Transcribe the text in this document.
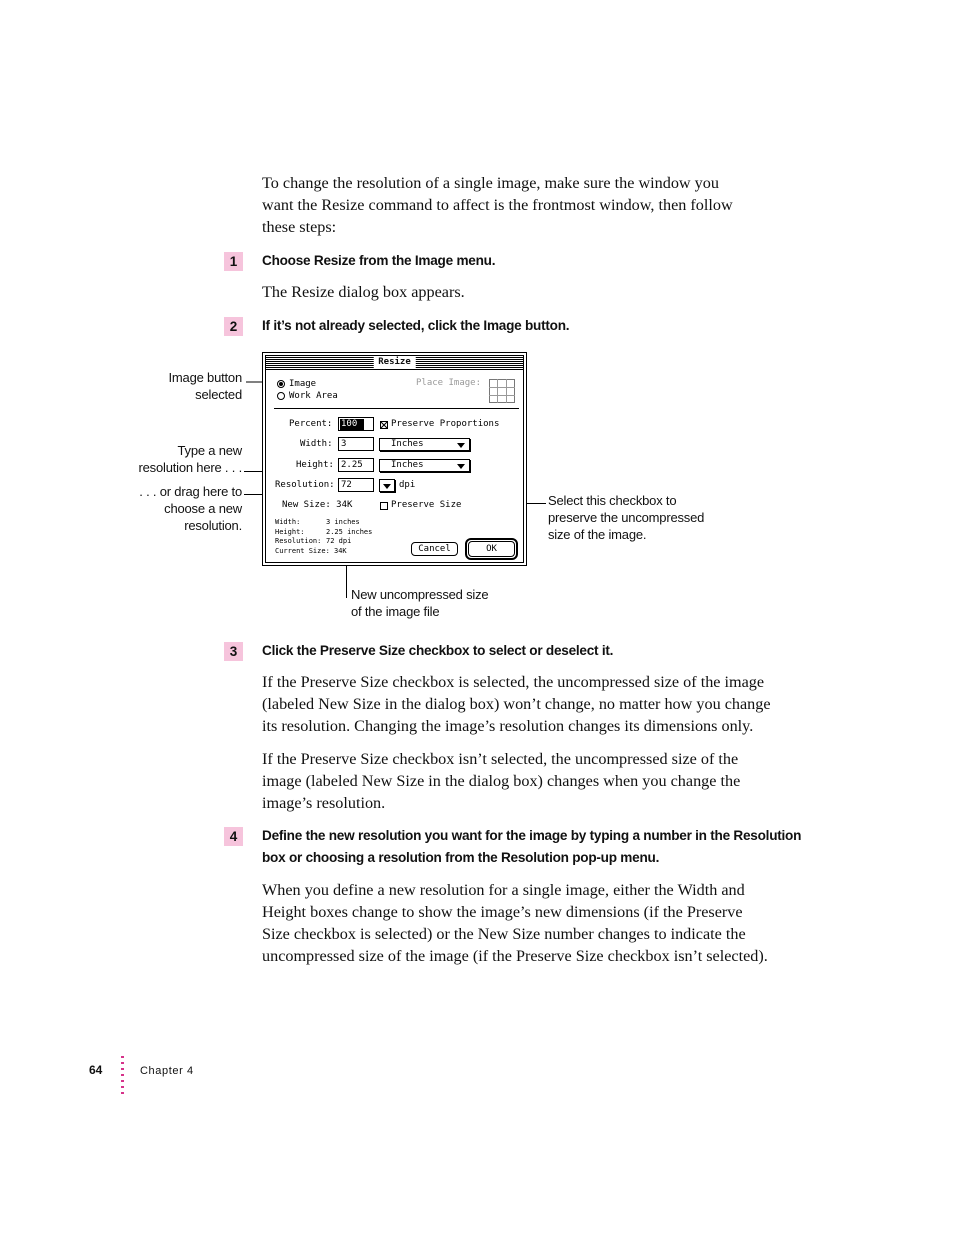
To change the resolution of a single image, make sure the window you
want the Resize command to affect is the frontmost window, then follow
these steps:
1	Choose Resize from the Image menu.
The Resize dialog box appears.
2	If it’s not already selected, click the Image button.
Image button
selected
Type a new
resolution here . . .
. . . or drag here to
choose a new
resolution.
Select this checkbox to
preserve the uncompressed
size of the image.
New uncompressed size
of the image file
Resize
Image
Work Area
Place Image:
Percent: 100	Preserve Proportions
Width: 3	Inches
Height: 2.25	Inches
Resolution: 72	dpi
New Size: 34K	Preserve Size
Width:	3 inches
Height:	2.25 inches
Resolution: 72 dpi
Current Size: 34K	Cancel	OK
3	Click the Preserve Size checkbox to select or deselect it.
If the Preserve Size checkbox is selected, the uncompressed size of the image
(labeled New Size in the dialog box) won’t change, no matter how you change
its resolution. Changing the image’s resolution changes its dimensions only.
If the Preserve Size checkbox isn’t selected, the uncompressed size of the
image (labeled New Size in the dialog box) changes when you change the
image’s resolution.
4	Define the new resolution you want for the image by typing a number in the Resolution
box or choosing a resolution from the Resolution pop-up menu.
When you define a new resolution for a single image, either the Width and
Height boxes change to show the image’s new dimensions (if the Preserve
Size checkbox is selected) or the New Size number changes to indicate the
uncompressed size of the image (if the Preserve Size checkbox isn’t selected).
64	Chapter 4
